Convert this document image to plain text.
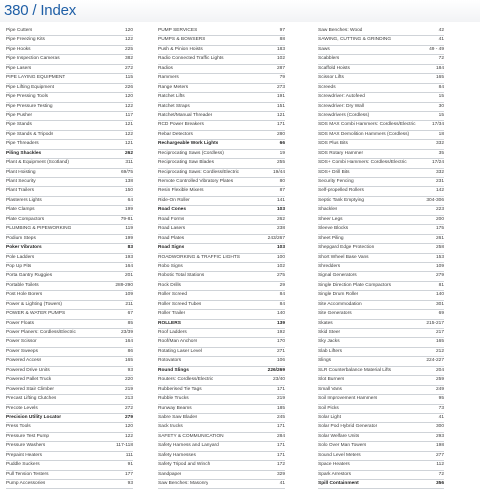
380 / Index
Pipe Cutters	120
Pipe Freezing Kits	122
Pipe Hooks	225
Pipe Inspection Cameras	382
Pipe Lasers	272
PIPE LAYING EQUIPMENT	115
Pipe Lifting Equipment	226
Pipe Pressing Tools	120
Pipe Pressure Testing	122
Pipe Pusher	117
Pipe Stands	121
Pipe Stands & Tripods	122
Pipe Threaders	121
Piling Shackles	262
Plant & Equipment (Scotland)	311
Plant Hoisting	69/75
Plant Security	138
Plant Trailers	150
Plasterers Lights	64
Plate Clamps	199
Plate Compactors	79-81
PLUMBING & PIPEWORKING	119
Podium Steps	199
Poker Vibrators	83
Pole Ladders	193
Pop Up Pits	164
Porta Gantry Ruggies	201
Portable Toilets	289-290
Post Hole Borers	109
Power & Lighting (Towers)	211
POWER & WATER PUMPS	67
Power Floats	85
Power Planers: Cordless/Electric	23/39
Power Scissor	164
Power Sweeps	86
Powered Access	165
Powered Drive Units	93
Powered Pallet Truck	220
Powered Stair Climber	219
Precast Lifting Clutches	213
Precote Levels	272
Precision Utility Locator	279
Press Tools	120
Pressure Test Pump	122
Pressure Washers	117-118
Prepaint Heaters	111
Puddle Suckers	91
Pull Tension Testers	177
Pump Accessories	93
PUMP SERVICES	97
PUMPS & BOWSERS	88
Push & Pinion Hoists	183
Radio Connected Traffic Lights	102
Radios	287
Rammers	79
Range Meters	273
Ratchet Lifts	191
Ratchet Straps	151
Ratchet/Manual Threader	121
RCD Power Breakers	171
Rebar Detectors	280
Rechargeable Work Lights	66
Reciprocating Saws (Cordless)	19
Reciprocating Saw Blades	255
Reciprocating Saws: Cordless/Electric	19/44
Remote Controlled Vibratory Plates	80
Resin Flexible Mixers	87
Ride-On Roller	141
Road Cones	103
Road Forms	262
Road Lasers	238
Road Plates	243/267
Road Signs	103
ROADWORKING & TRAFFIC LIGHTS	100
Robo Signs	102
Robotic Total Stations	275
Rock Drills	29
Roller Screed	84
Roller Screed Tubes	84
Roller Trailer	140
ROLLERS	139
Roof Ladders	192
Roof/Man Anchors	170
Rotating Laser Level	271
Rotovators	106
Round Slings	226/269
Routers: Cordless/Electric	23/40
Rubberised Tie Tags	171
Rubble Trucks	219
Runway Beams	185
Sabre Saw Blades	245
Sack trucks	171
SAFETY & COMMUNICATION	284
Safety Harness and Lanyard	171
Safety Harnesses	171
Safety Tripod and Winch	172
Sandpaper	329
Saw Benches: Masonry	41
Saw Benches: Wood	42
SAWING, CUTTING & GRINDING	41
Saws	49 - 49
Scabblers	72
Scaffold Hoists	184
Scissor Lifts	165
Screeds	84
Screwdriver: Autofeed	15
Screwdriver: Dry Wall	30
Screwdrivers (Cordless)	15
SDS MAX Combi Hammers: Cordless/Electric	17/34
SDS MAX Demolition Hammers (Cordless)	18
SDS Plus Bits	332
SDS Rotary Hammer	35
SDS+ Combi Hammers: Cordless/Electric	17/24
SDS+ Drill Bits	332
Security Fencing	231
Self-propelled Rollers	142
Septic Tank Emptying	304-306
Shackles	223
Sheer Legs	200
Sleeve Blocks	175
Sheet Piling	261
Shepgard Edge Protection	258
Short Wheel Base Vans	153
Shredders	109
Signal Generators	279
Single Direction Plate Compactors	81
Single Drum Roller	140
Site Accommodation	301
Site Generators	69
Skates	215-217
Skid Steer	217
Sky Jacks	165
Slab Lifters	212
Slings	224-227
SLR Counterbalance Material Lifts	204
Slot Burners	259
Small Vans	249
Soil Improvement Hammers	95
Soil Picks	73
Solar Light	41
Solar Pod Hybrid Generator	300
Solar Welfare Units	293
Solo Over Man Towers	198
Sound Level Meters	277
Space Heaters	112
Spark Arrestors	72
Spill Containment	356
